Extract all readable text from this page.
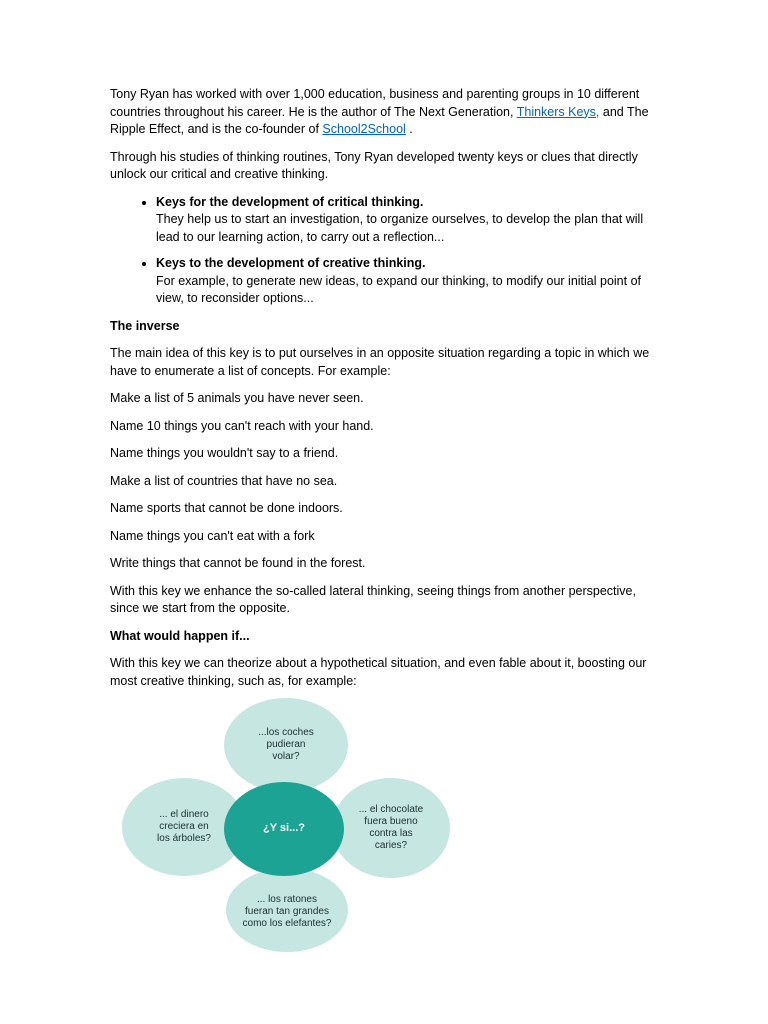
Tony Ryan has worked with over 1,000 education, business and parenting groups in 10 different countries throughout his career. He is the author of The Next Generation, Thinkers Keys, and The Ripple Effect, and is the co-founder of School2School .

Through his studies of thinking routines, Tony Ryan developed twenty keys or clues that directly unlock our critical and creative thinking.

• Keys for the development of critical thinking.
They help us to start an investigation, to organize ourselves, to develop the plan that will lead to our learning action, to carry out a reflection...
• Keys to the development of creative thinking.
For example, to generate new ideas, to expand our thinking, to modify our initial point of view, to reconsider options...

The inverse

The main idea of this key is to put ourselves in an opposite situation regarding a topic in which we have to enumerate a list of concepts. For example:

Make a list of 5 animals you have never seen.

Name 10 things you can't reach with your hand.

Name things you wouldn't say to a friend.

Make a list of countries that have no sea.

Name sports that cannot be done indoors.

Name things you can't eat with a fork

Write things that cannot be found in the forest.

With this key we enhance the so-called lateral thinking, seeing things from another perspective, since we start from the opposite.

What would happen if...

With this key we can theorize about a hypothetical situation, and even fable about it, boosting our most creative thinking, such as, for example:

...los coches
pudieran
volar?
... el dinero
creciera en
los árboles?
... el chocolate
fuera bueno
contra las
caries?
... los ratones
fueran tan grandes
como los elefantes?
¿Y si...?
